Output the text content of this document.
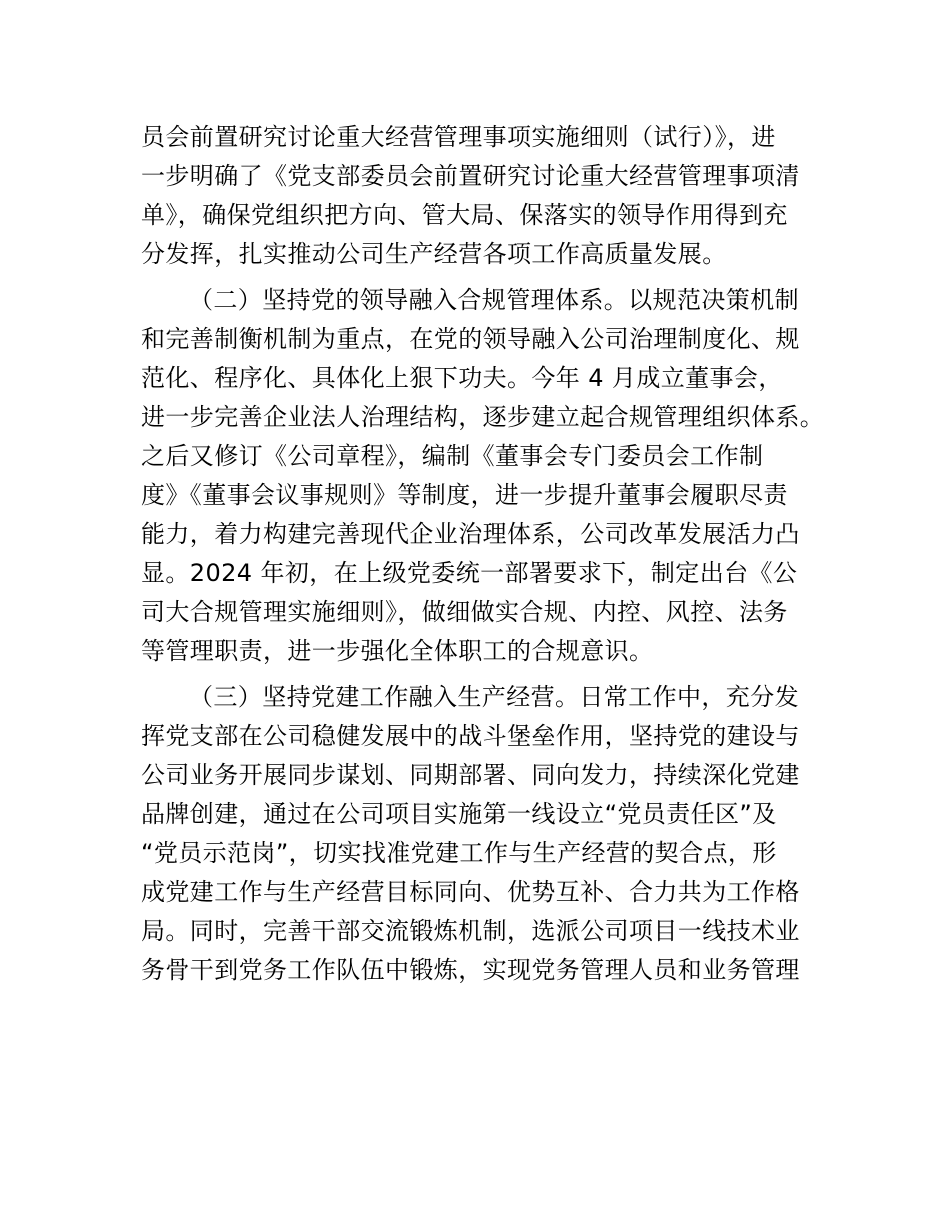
员会前置研究讨论重大经营管理事项实施细则（试行）》，进
一步明确了《党支部委员会前置研究讨论重大经营管理事项清
单》，确保党组织把方向、管大局、保落实的领导作用得到充
分发挥，扎实推动公司生产经营各项工作高质量发展。
（二）坚持党的领导融入合规管理体系。以规范决策机制
和完善制衡机制为重点，在党的领导融入公司治理制度化、规
范化、程序化、具体化上狠下功夫。今年 4 月成立董事会，
进一步完善企业法人治理结构，逐步建立起合规管理组织体系。
之后又修订《公司章程》，编制《董事会专门委员会工作制
度》《董事会议事规则》等制度，进一步提升董事会履职尽责
能力，着力构建完善现代企业治理体系，公司改革发展活力凸
显。2024 年初，在上级党委统一部署要求下，制定出台《公
司大合规管理实施细则》，做细做实合规、内控、风控、法务
等管理职责，进一步强化全体职工的合规意识。
（三）坚持党建工作融入生产经营。日常工作中，充分发
挥党支部在公司稳健发展中的战斗堡垒作用，坚持党的建设与
公司业务开展同步谋划、同期部署、同向发力，持续深化党建
品牌创建，通过在公司项目实施第一线设立“党员责任区”及
“党员示范岗”，切实找准党建工作与生产经营的契合点，形
成党建工作与生产经营目标同向、优势互补、合力共为工作格
局。同时，完善干部交流锻炼机制，选派公司项目一线技术业
务骨干到党务工作队伍中锻炼，实现党务管理人员和业务管理
